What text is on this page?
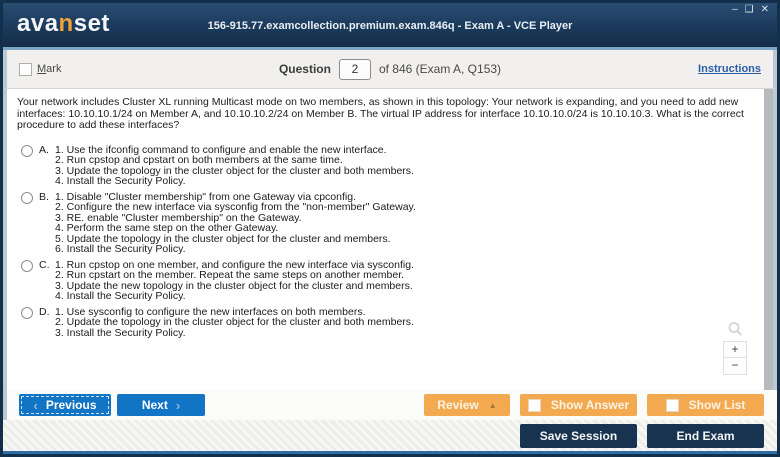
avanset	156-915.77.examcollection.premium.exam.846q - Exam A - VCE Player
– ❑ ✕
Mark	Question	2	of 846 (Exam A, Q153)	Instructions
Your network includes Cluster XL running Multicast mode on two members, as shown in this topology: Your network is expanding, and you need to add new interfaces: 10.10.10.1/24 on Member A, and 10.10.10.2/24 on Member B. The virtual IP address for interface 10.10.10.0/24 is 10.10.10.3. What is the correct procedure to add these interfaces?
A. 1. Use the ifconfig command to configure and enable the new interface.
2. Run cpstop and cpstart on both members at the same time.
3. Update the topology in the cluster object for the cluster and both members.
4. Install the Security Policy.
B. 1. Disable "Cluster membership" from one Gateway via cpconfig.
2. Configure the new interface via sysconfig from the "non-member" Gateway.
3. RE. enable "Cluster membership" on the Gateway.
4. Perform the same step on the other Gateway.
5. Update the topology in the cluster object for the cluster and members.
6. Install the Security Policy.
C. 1. Run cpstop on one member, and configure the new interface via sysconfig.
2. Run cpstart on the member. Repeat the same steps on another member.
3. Update the new topology in the cluster object for the cluster and members.
4. Install the Security Policy.
D. 1. Use sysconfig to configure the new interfaces on both members.
2. Update the topology in the cluster object for the cluster and both members.
3. Install the Security Policy.
+
−
‹ Previous	Next ›	Review ▲	Show Answer	Show List
Save Session	End Exam
